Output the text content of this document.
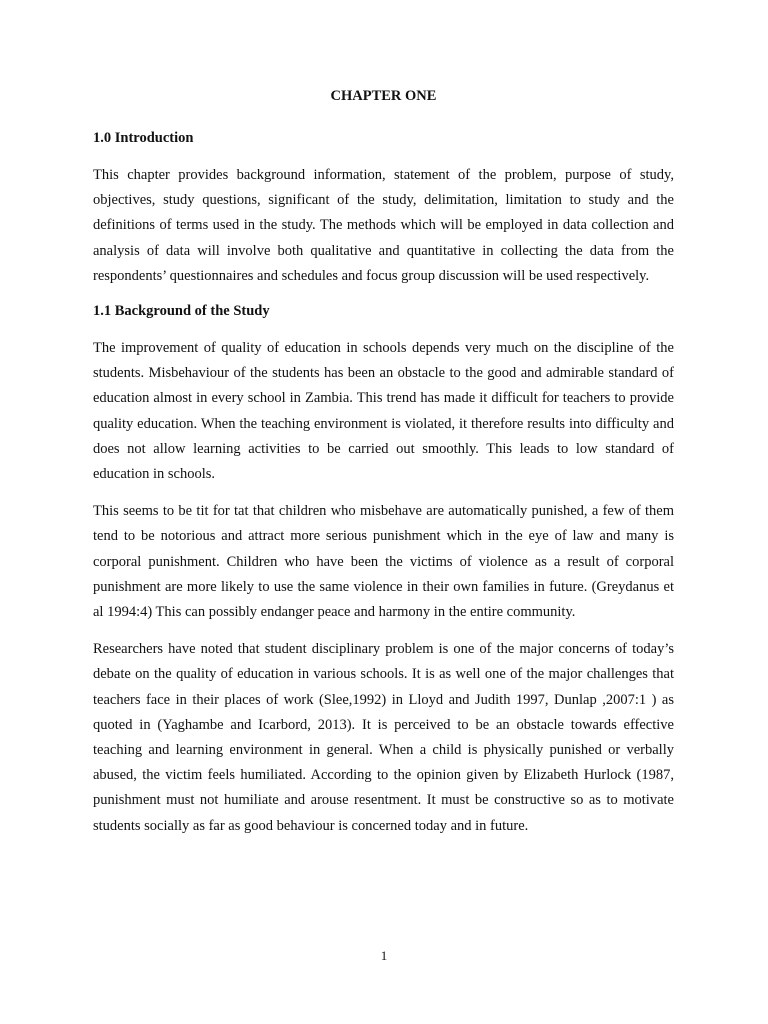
CHAPTER ONE
1.0 Introduction

This chapter provides background information, statement of the problem, purpose of study, objectives, study questions, significant of the study, delimitation, limitation to study and the definitions of terms used in the study. The methods which will be employed in data collection and analysis of data will involve both qualitative and quantitative in collecting the data from the respondents’ questionnaires and schedules and focus group discussion will be used respectively.

1.1 Background of the Study

The improvement of quality of education in schools depends very much on the discipline of the students. Misbehaviour of the students has been an obstacle to the good and admirable standard of education almost in every school in Zambia. This trend has made it difficult for teachers to provide quality education. When the teaching environment is violated, it therefore results into difficulty and does not allow learning activities to be carried out smoothly. This leads to low standard of education in schools.

This seems to be tit for tat that children who misbehave are automatically punished, a few of them tend to be notorious and attract more serious punishment which in the eye of law and many is corporal punishment. Children who have been the victims of violence as a result of corporal punishment are more likely to use the same violence in their own families in future. (Greydanus et al 1994:4) This can possibly endanger peace and harmony in the entire community.

Researchers have noted that student disciplinary problem is one of the major concerns of today’s debate on the quality of education in various schools. It is as well one of the major challenges that teachers face in their places of work (Slee,1992) in Lloyd and Judith 1997, Dunlap ,2007:1 ) as quoted in (Yaghambe and Icarbord, 2013). It is perceived to be an obstacle towards effective teaching and learning environment in general. When a child is physically punished or verbally abused, the victim feels humiliated. According to the opinion given by Elizabeth Hurlock (1987, punishment must not humiliate and arouse resentment. It must be constructive so as to motivate students socially as far as good behaviour is concerned today and in future.

1
